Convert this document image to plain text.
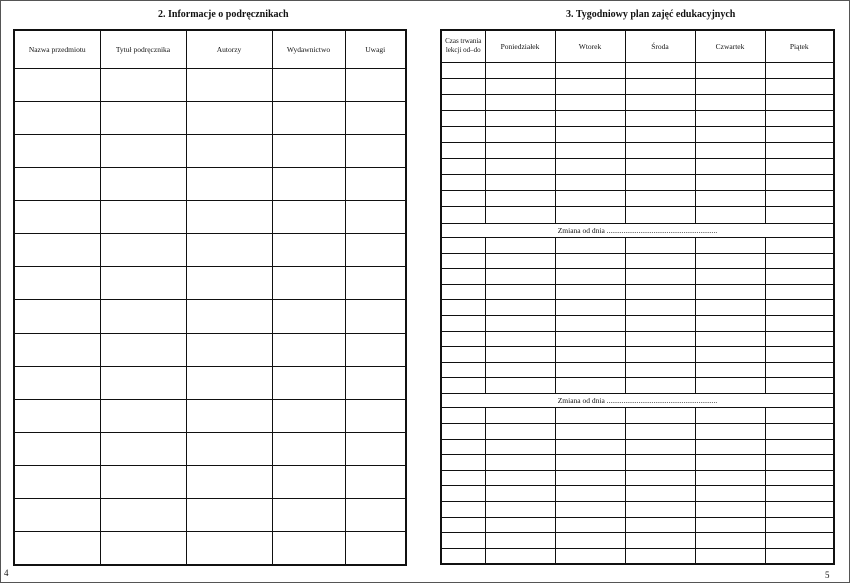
2. Informacje o podręcznikach
Nazwa przedmiotu	Tytuł podręcznika	Autorzy	Wydawnictwo	Uwagi

4
3. Tygodniowy plan zajęć edukacyjnych
Czas trwania lekcji od–do	Poniedziałek	Wtorek	Środa	Czwartek	Piątek

Zmiana od dnia ...........................................................					

Zmiana od dnia ...........................................................					

5
